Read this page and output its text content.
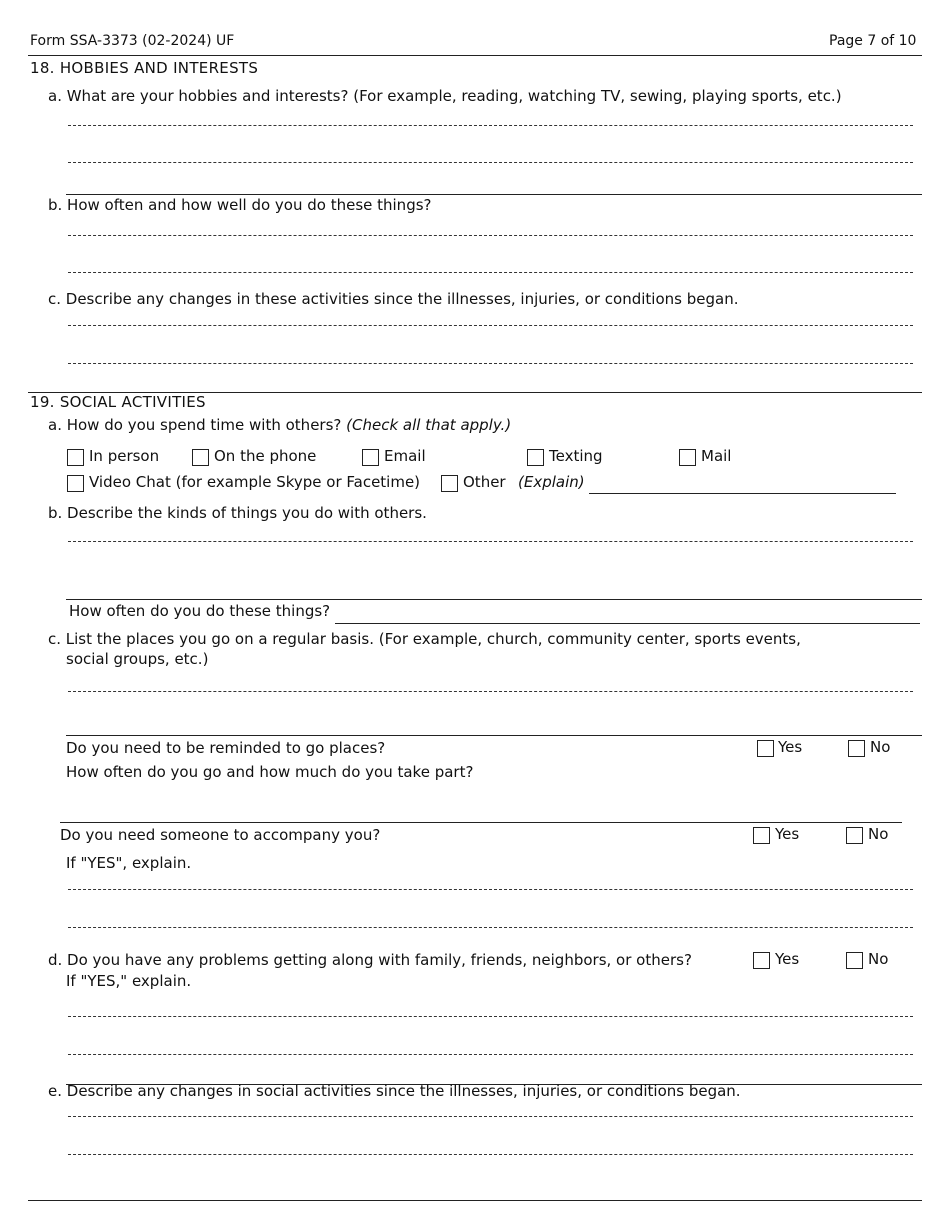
Form SSA-3373 (02-2024) UF	Page 7 of 10
18. HOBBIES AND INTERESTS
a. What are your hobbies and interests? (For example, reading, watching TV, sewing, playing sports, etc.)
b. How often and how well do you do these things?
c. Describe any changes in these activities since the illnesses, injuries, or conditions began.
19. SOCIAL ACTIVITIES
a. How do you spend time with others? (Check all that apply.)
In person	On the phone	Email	Texting	Mail
Video Chat (for example Skype or Facetime)	Other (Explain)
b. Describe the kinds of things you do with others.
How often do you do these things?
c. List the places you go on a regular basis. (For example, church, community center, sports events,
social groups, etc.)
Do you need to be reminded to go places?	Yes	No
How often do you go and how much do you take part?
Do you need someone to accompany you?	Yes	No
If "YES", explain.
d. Do you have any problems getting along with family, friends, neighbors, or others?
If "YES," explain.
Yes	No
e. Describe any changes in social activities since the illnesses, injuries, or conditions began.
